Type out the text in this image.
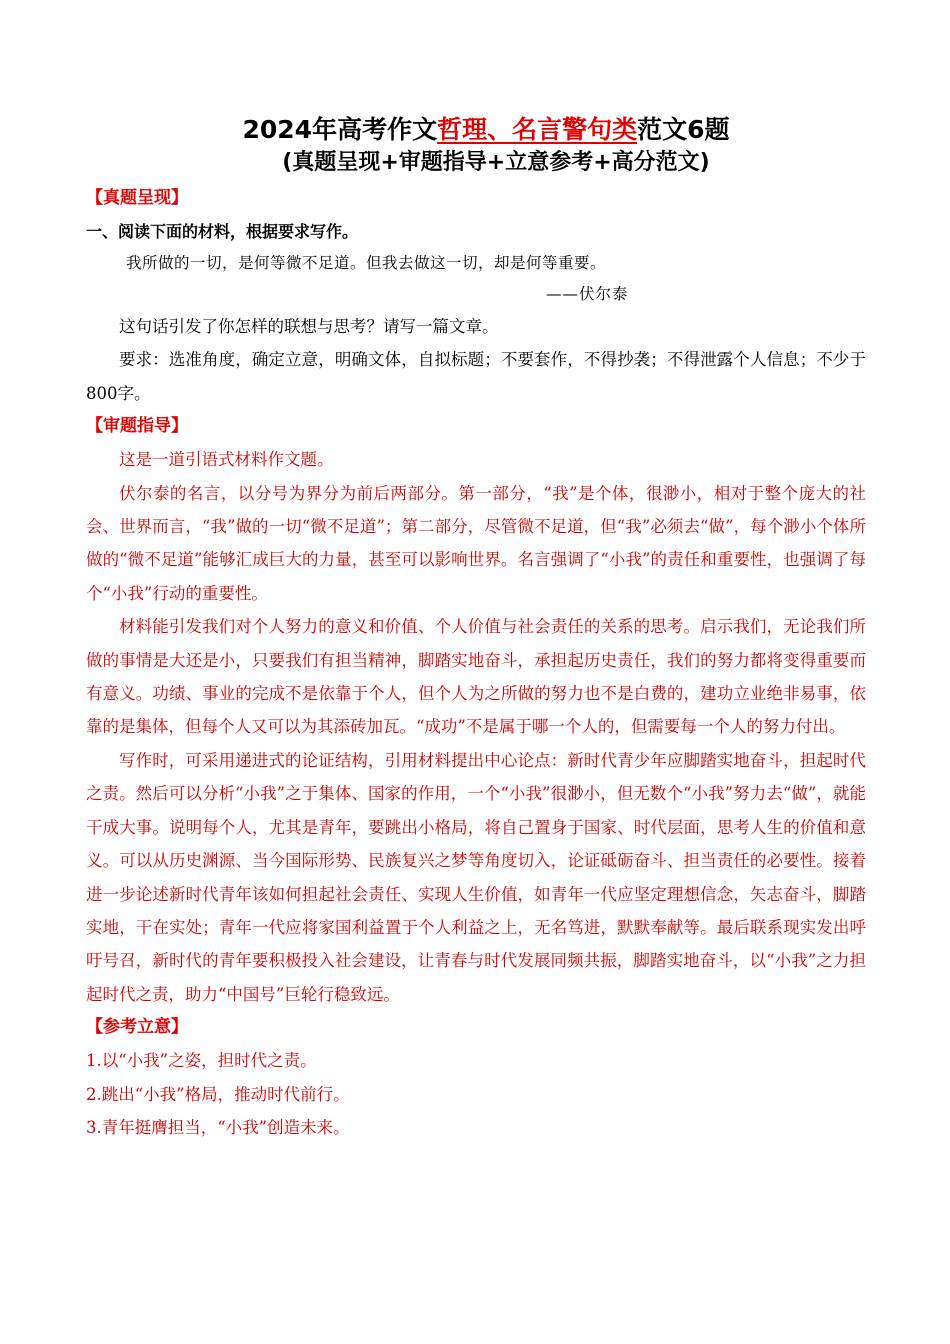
2024年高考作文哲理、名言警句类范文6题
(真题呈现+审题指导+立意参考+高分范文)
【真题呈现】
一、阅读下面的材料，根据要求写作。
我所做的一切，是何等微不足道。但我去做这一切，却是何等重要。
——伏尔泰

这句话引发了你怎样的联想与思考？请写一篇文章。

要求：选准角度，确定立意，明确文体，自拟标题；不要套作，不得抄袭；不得泄露个人信息；不少于800字。

【审题指导】

这是一道引语式材料作文题。

伏尔泰的名言，以分号为界分为前后两部分。第一部分，“我”是个体，很渺小，相对于整个庞大的社会、世界而言，“我”做的一切“微不足道”；第二部分，尽管微不足道，但“我”必须去“做”，每个渺小个体所做的“微不足道”能够汇成巨大的力量，甚至可以影响世界。名言强调了“小我”的责任和重要性，也强调了每个“小我”行动的重要性。

材料能引发我们对个人努力的意义和价值、个人价值与社会责任的关系的思考。启示我们，无论我们所做的事情是大还是小，只要我们有担当精神，脚踏实地奋斗，承担起历史责任，我们的努力都将变得重要而有意义。功绩、事业的完成不是依靠于个人，但个人为之所做的努力也不是白费的，建功立业绝非易事，依靠的是集体，但每个人又可以为其添砖加瓦。“成功”不是属于哪一个人的，但需要每一个人的努力付出。

写作时，可采用递进式的论证结构，引用材料提出中心论点：新时代青少年应脚踏实地奋斗，担起时代之责。然后可以分析“小我”之于集体、国家的作用，一个“小我”很渺小，但无数个“小我”努力去“做”，就能干成大事。说明每个人，尤其是青年，要跳出小格局，将自己置身于国家、时代层面，思考人生的价值和意义。可以从历史渊源、当今国际形势、民族复兴之梦等角度切入，论证砥砺奋斗、担当责任的必要性。接着进一步论述新时代青年该如何担起社会责任、实现人生价值，如青年一代应坚定理想信念，矢志奋斗，脚踏实地，干在实处；青年一代应将家国利益置于个人利益之上，无名笃进，默默奉献等。最后联系现实发出呼吁号召，新时代的青年要积极投入社会建设，让青春与时代发展同频共振，脚踏实地奋斗，以“小我”之力担起时代之责，助力“中国号”巨轮行稳致远。

【参考立意】
1.以“小我”之姿，担时代之责。
2.跳出“小我”格局，推动时代前行。
3.青年挺膺担当，“小我”创造未来。
